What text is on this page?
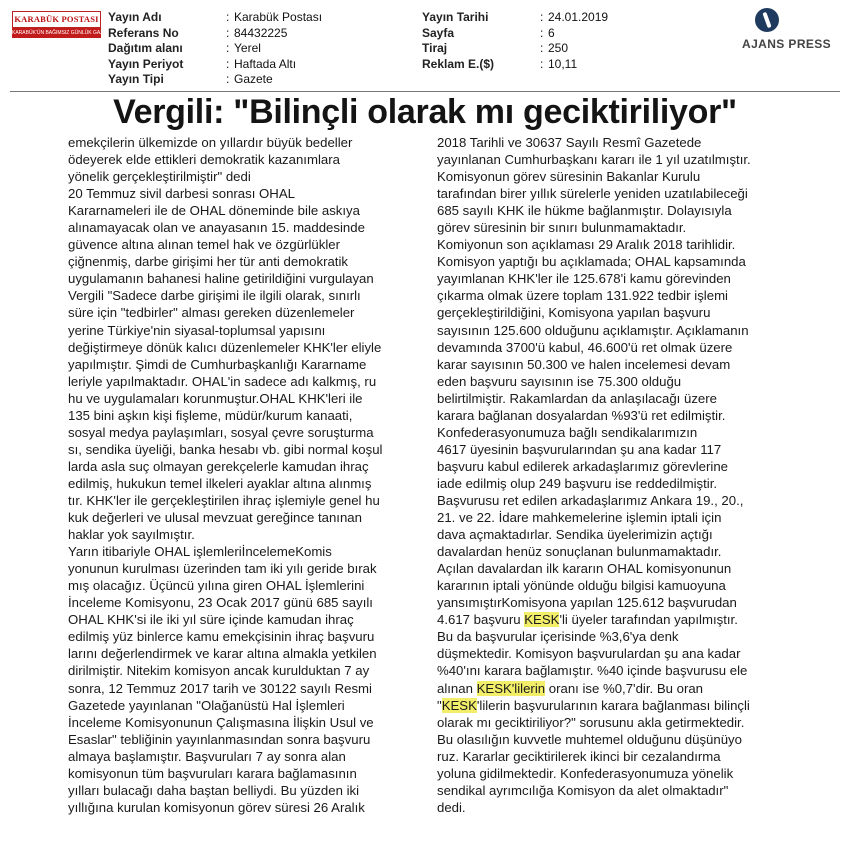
KARABÜK POSTASI
KARABÜK'ÜN BAĞIMSIZ GÜNLÜK GAZETESİ
Yayın Adı
Referans No
Dağıtım alanı
Yayın Periyot
Yayın Tipi
: Karabük Postası
: 84432225
: Yerel
: Haftada Altı
: Gazete
Yayın Tarihi
Sayfa
Tiraj
Reklam E.($)
: 24.01.2019
: 6
: 250
: 10,11
AJANS PRESS
Vergili: "Bilinçli olarak mı geciktiriliyor"
emekçilerin ülkemizde on yıllardır büyük bedeller
ödeyerek elde ettikleri demokratik kazanımlara
yönelik gerçekleştirilmiştir" dedi
20 Temmuz sivil darbesi sonrası OHAL
Kararnameleri ile de OHAL döneminde bile askıya
alınamayacak olan ve anayasanın 15. maddesinde
güvence altına alınan temel hak ve özgürlükler
çiğnenmiş, darbe girişimi her tür anti demokratik
uygulamanın bahanesi haline getirildiğini vurgulayan
Vergili "Sadece darbe girişimi ile ilgili olarak, sınırlı
süre için "tedbirler" alması gereken düzenlemeler
yerine Türkiye'nin siyasal-toplumsal yapısını
değiştirmeye dönük kalıcı düzenlemeler KHK'ler eliyle
yapılmıştır. Şimdi de Cumhurbaşkanlığı Kararname
leriyle yapılmaktadır. OHAL'in sadece adı kalkmış, ru
hu ve uygulamaları korunmuştur.OHAL KHK'leri ile
135 bini aşkın kişi fişleme, müdür/kurum kanaati,
sosyal medya paylaşımları, sosyal çevre soruşturma
sı, sendika üyeliği, banka hesabı vb. gibi normal koşul
larda asla suç olmayan gerekçelerle kamudan ihraç
edilmiş, hukukun temel ilkeleri ayaklar altına alınmış
tır. KHK'ler ile gerçekleştirilen ihraç işlemiyle genel hu
kuk değerleri ve ulusal mevzuat gereğince tanınan
haklar yok sayılmıştır.
Yarın itibariyle OHAL işlemleriİncelemeKomis
yonunun kurulması üzerinden tam iki yılı geride bırak
mış olacağız. Üçüncü yılına giren OHAL İşlemlerini
İnceleme Komisyonu, 23 Ocak 2017 günü 685 sayılı
OHAL KHK'si ile iki yıl süre içinde kamudan ihraç
edilmiş yüz binlerce kamu emekçisinin ihraç başvuru
larını değerlendirmek ve karar altına almakla yetkilen
dirilmiştir. Nitekim komisyon ancak kurulduktan 7 ay
sonra, 12 Temmuz 2017 tarih ve 30122 sayılı Resmi
Gazetede yayınlanan "Olağanüstü Hal İşlemleri
İnceleme Komisyonunun Çalışmasına İlişkin Usul ve
Esaslar" tebliğinin yayınlanmasından sonra başvuru
almaya başlamıştır. Başvuruları 7 ay sonra alan
komisyonun tüm başvuruları karara bağlamasının
yılları bulacağı daha baştan belliydi. Bu yüzden iki
yıllığına kurulan komisyonun görev süresi 26 Aralık
2018 Tarihli ve 30637 Sayılı Resmî Gazetede
yayınlanan Cumhurbaşkanı kararı ile 1 yıl uzatılmıştır.
Komisyonun görev süresinin Bakanlar Kurulu
tarafından birer yıllık sürelerle yeniden uzatılabileceği
685 sayılı KHK ile hükme bağlanmıştır. Dolayısıyla
görev süresinin bir sınırı bulunmamaktadır.
Komiyonun son açıklaması 29 Aralık 2018 tarihlidir.
Komisyon yaptığı bu açıklamada; OHAL kapsamında
yayımlanan KHK'ler ile 125.678'i kamu görevinden
çıkarma olmak üzere toplam 131.922 tedbir işlemi
gerçekleştirildiğini, Komisyona yapılan başvuru
sayısının 125.600 olduğunu açıklamıştır. Açıklamanın
devamında 3700'ü kabul, 46.600'ü ret olmak üzere
karar sayısının 50.300 ve halen incelemesi devam
eden başvuru sayısının ise 75.300 olduğu
belirtilmiştir. Rakamlardan da anlaşılacağı üzere
karara bağlanan dosyalardan %93'ü ret edilmiştir.
Konfederasyonumuza bağlı sendikalarımızın
4617 üyesinin başvurularından şu ana kadar 117
başvuru kabul edilerek arkadaşlarımız görevlerine
iade edilmiş olup 249 başvuru ise reddedilmiştir.
Başvurusu ret edilen arkadaşlarımız Ankara 19., 20.,
21. ve 22. İdare mahkemelerine işlemin iptali için
dava açmaktadırlar. Sendika üyelerimizin açtığı
davalardan henüz sonuçlanan bulunmamaktadır.
Açılan davalardan ilk kararın OHAL komisyonunun
kararının iptali yönünde olduğu bilgisi kamuoyuna
yansımıştırKomisyona yapılan 125.612 başvurudan
4.617 başvuru KESK'li üyeler tarafından yapılmıştır.
Bu da başvurular içerisinde %3,6'ya denk
düşmektedir. Komisyon başvurulardan şu ana kadar
%40'ını karara bağlamıştır. %40 içinde başvurusu ele
alınan KESK'lilerin oranı ise %0,7'dir. Bu oran
"KESK'lilerin başvurularının karara bağlanması bilinçli
olarak mı geciktiriliyor?" sorusunu akla getirmektedir.
Bu olasılığın kuvvetle muhtemel olduğunu düşünüyo
ruz. Kararlar geciktirilerek ikinci bir cezalandırma
yoluna gidilmektedir. Konfederasyonumuza yönelik
sendikal ayrımcılığa Komisyon da alet olmaktadır"
dedi.
